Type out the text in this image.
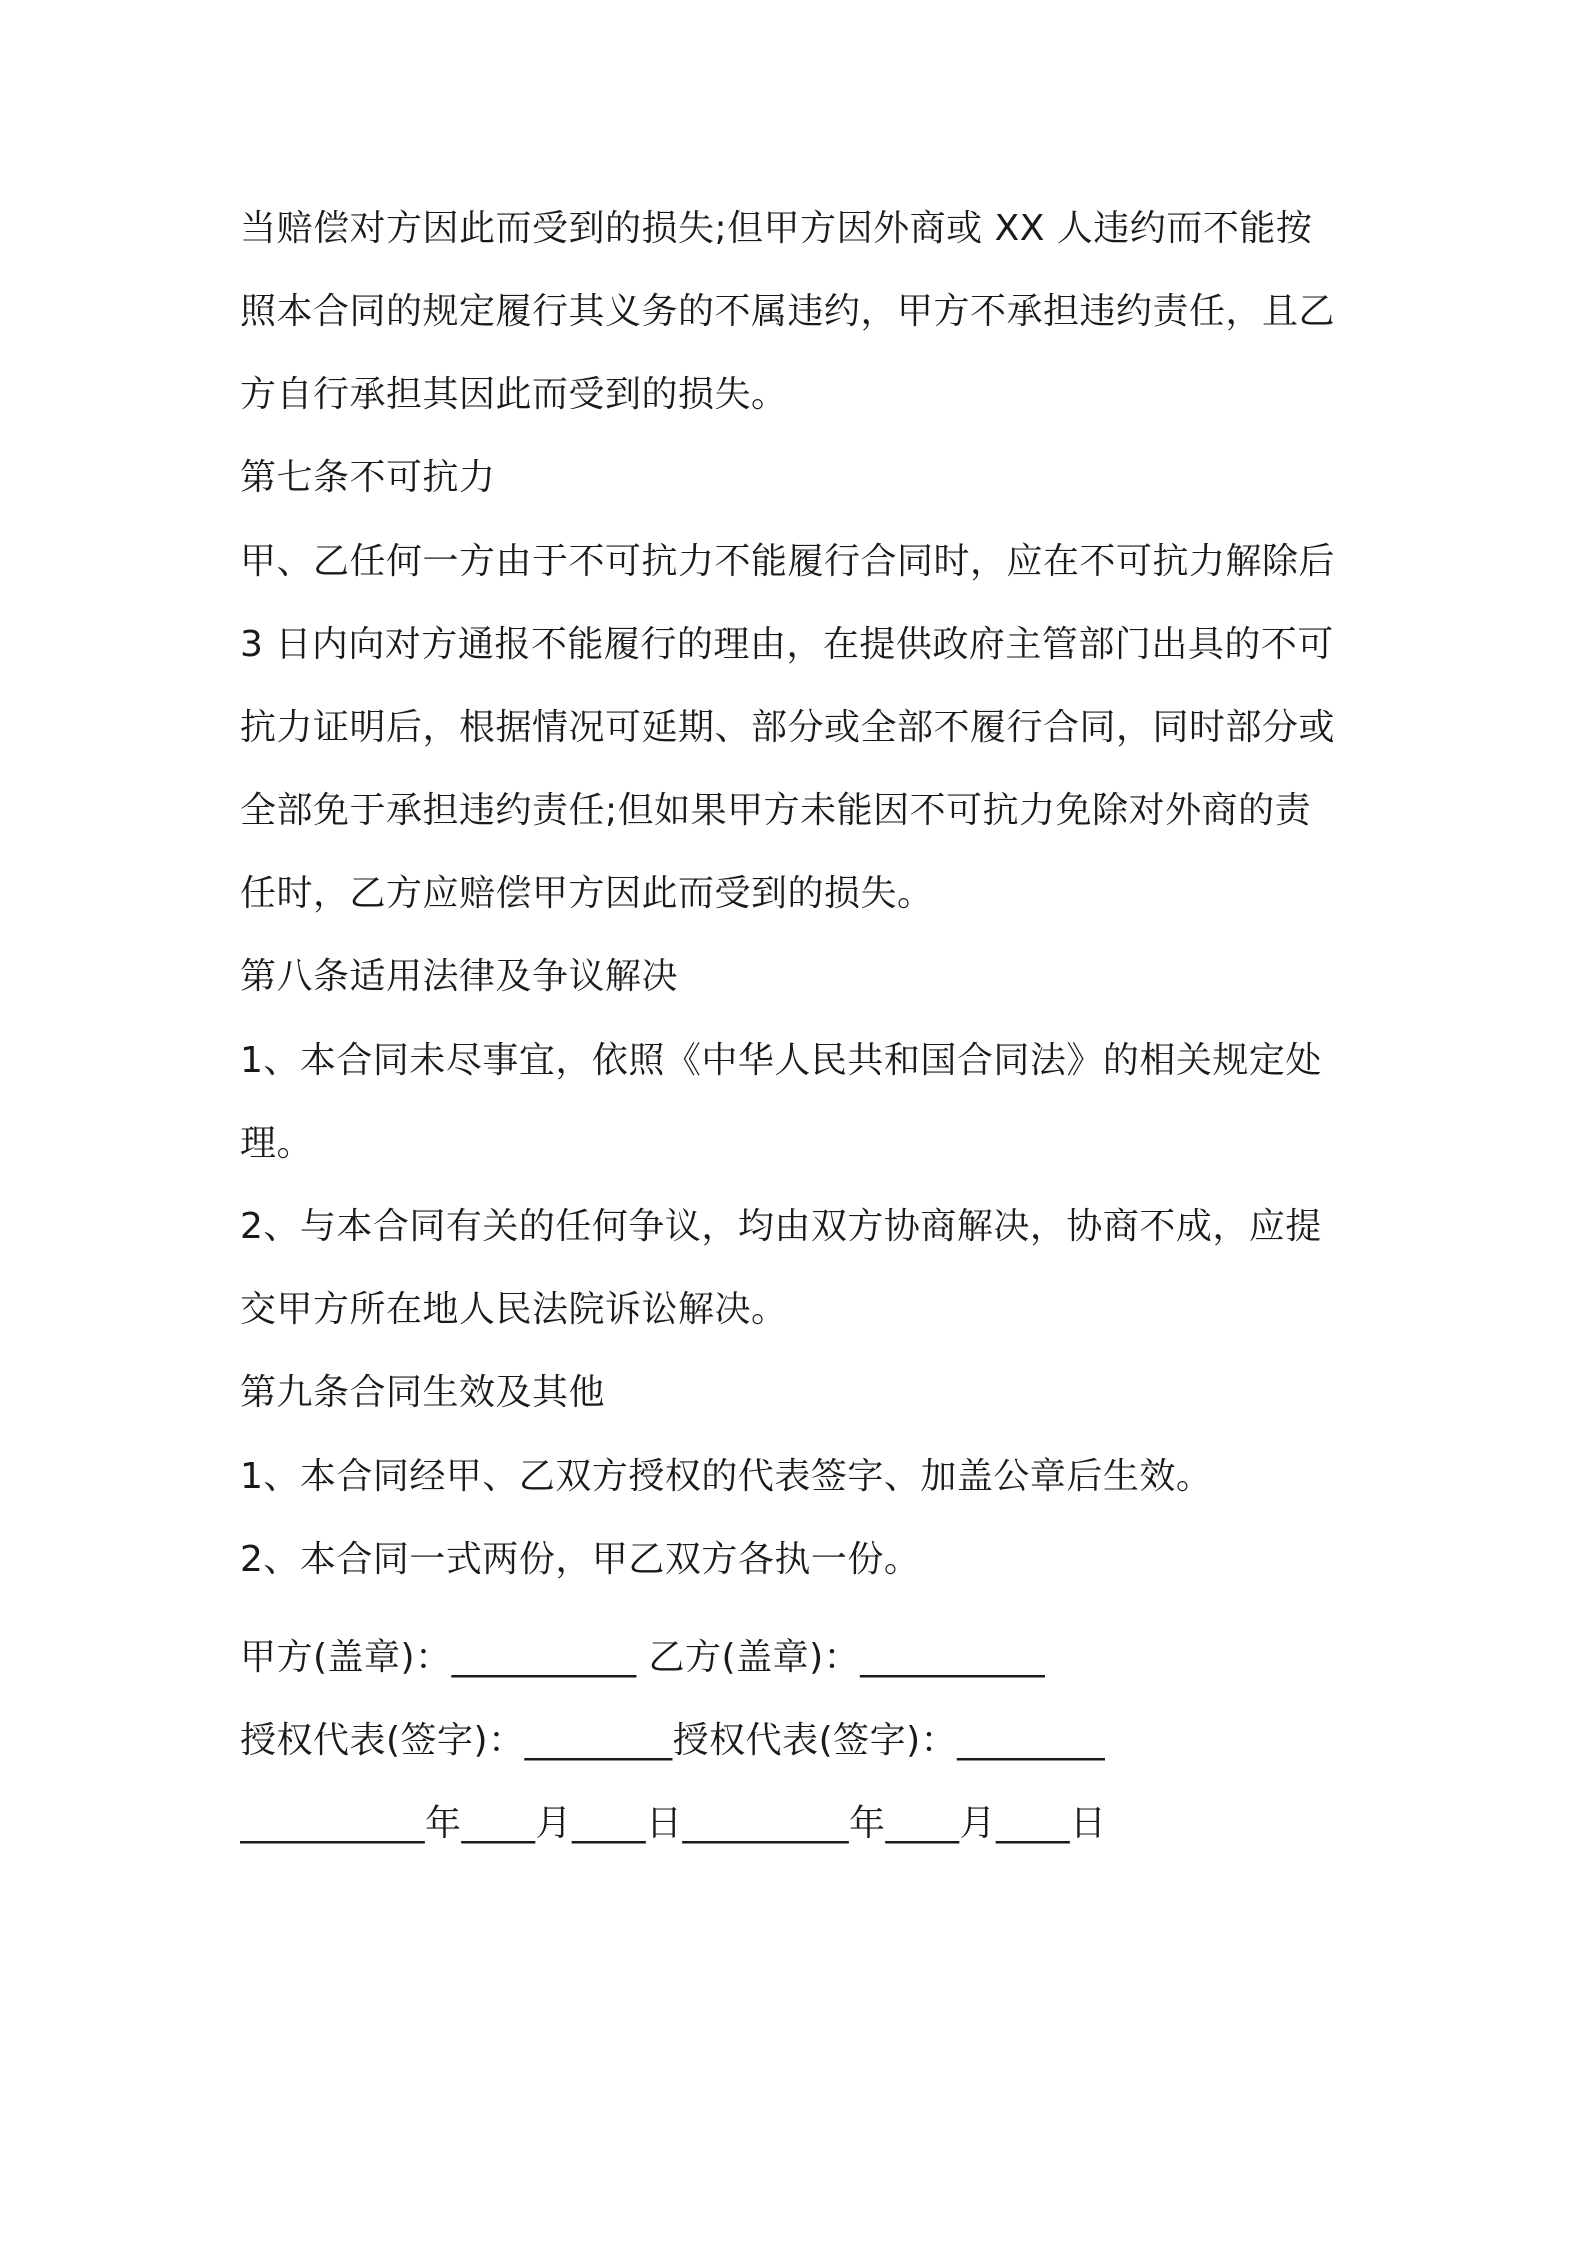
当赔偿对方因此而受到的损失;但甲方因外商或 XX 人违约而不能按
照本合同的规定履行其义务的不属违约，甲方不承担违约责任，且乙
方自行承担其因此而受到的损失。
第七条不可抗力
甲、乙任何一方由于不可抗力不能履行合同时，应在不可抗力解除后
3 日内向对方通报不能履行的理由，在提供政府主管部门出具的不可
抗力证明后，根据情况可延期、部分或全部不履行合同，同时部分或
全部免于承担违约责任;但如果甲方未能因不可抗力免除对外商的责
任时，乙方应赔偿甲方因此而受到的损失。
第八条适用法律及争议解决
1、本合同未尽事宜，依照《中华人民共和国合同法》的相关规定处
理。
2、与本合同有关的任何争议，均由双方协商解决，协商不成，应提
交甲方所在地人民法院诉讼解决。
第九条合同生效及其他
1、本合同经甲、乙双方授权的代表签字、加盖公章后生效。
2、本合同一式两份，甲乙双方各执一份。
甲方(盖章)：__________ 乙方(盖章)：__________
授权代表(签字)：________授权代表(签字)：________
__________年____月____日_________年____月____日
